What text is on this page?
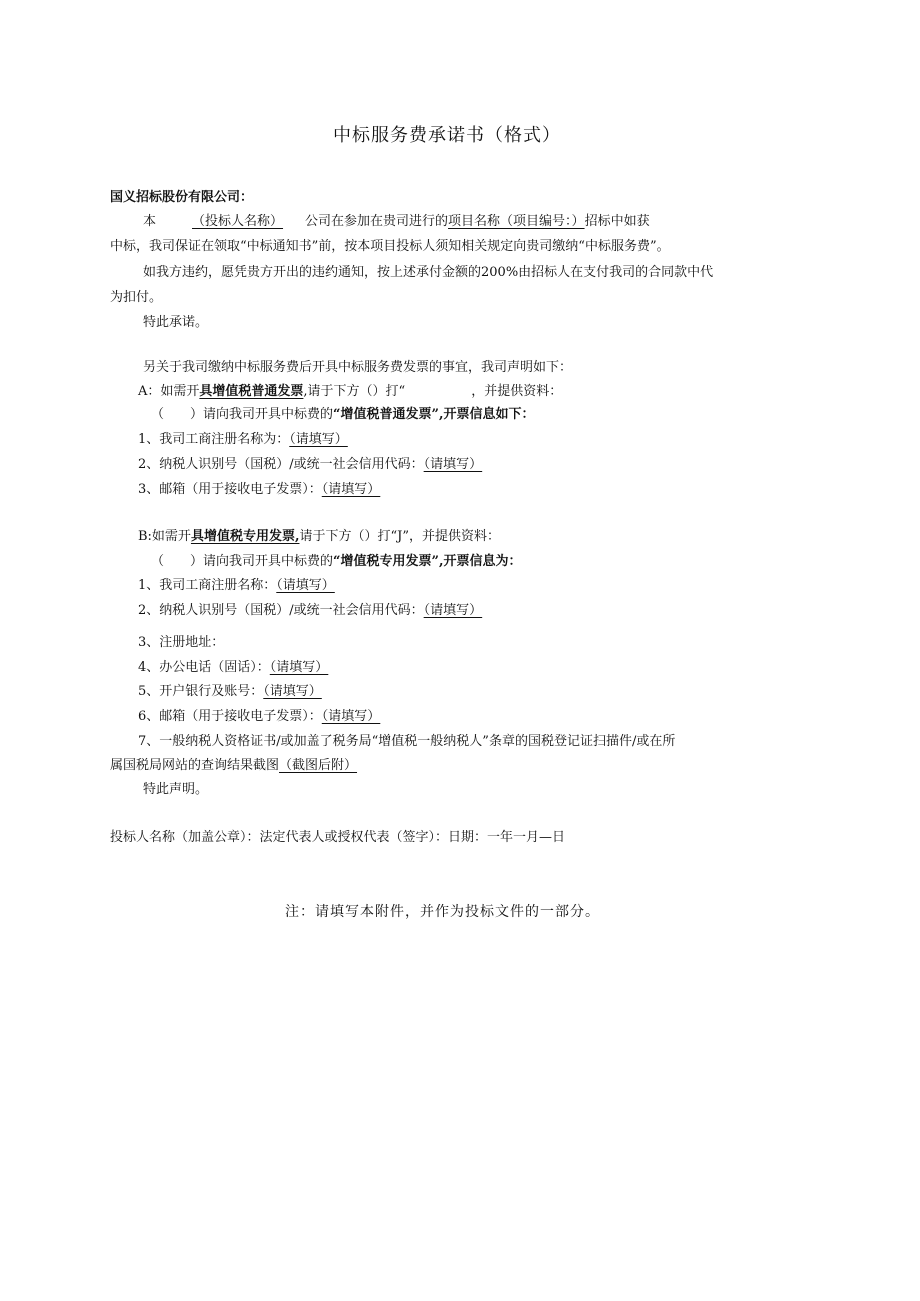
中标服务费承诺书（格式）
国义招标股份有限公司：
本	（投标人名称） 公司在参加在贵司进行的项目名称（项目编号：）招标中如获
中标，我司保证在领取“中标通知书”前，按本项目投标人须知相关规定向贵司缴纳“中标服务费”。
如我方违约，愿凭贵方开出的违约通知，按上述承付金额的200%由招标人在支付我司的合同款中代
为扣付。
特此承诺。
另关于我司缴纳中标服务费后开具中标服务费发票的事宜，我司声明如下：
A：如需开具增值税普通发票,请于下方（）打“	，并提供资料：
（　　）请向我司开具中标费的“增值税普通发票”,开票信息如下：
1、我司工商注册名称为：（请填写）
2、纳税人识别号（国税）/或统一社会信用代码：（请填写）
3、邮箱（用于接收电子发票）：（请填写）
B:如需开具增值税专用发票,请于下方（）打“J”，并提供资料：
（　　）请向我司开具中标费的“增值税专用发票”,开票信息为：
1、我司工商注册名称：（请填写）
2、纳税人识别号（国税）/或统一社会信用代码：（请填写）
3、注册地址：
4、办公电话（固话）：（请填写）
5、开户银行及账号：（请填写）
6、邮箱（用于接收电子发票）：（请填写）
7、一般纳税人资格证书/或加盖了税务局“增值税一般纳税人”条章的国税登记证扫描件/或在所
属国税局网站的查询结果截图（截图后附）
特此声明。
投标人名称（加盖公章）：法定代表人或授权代表（签字）：日期：一年一月—日
注：请填写本附件，并作为投标文件的一部分。
